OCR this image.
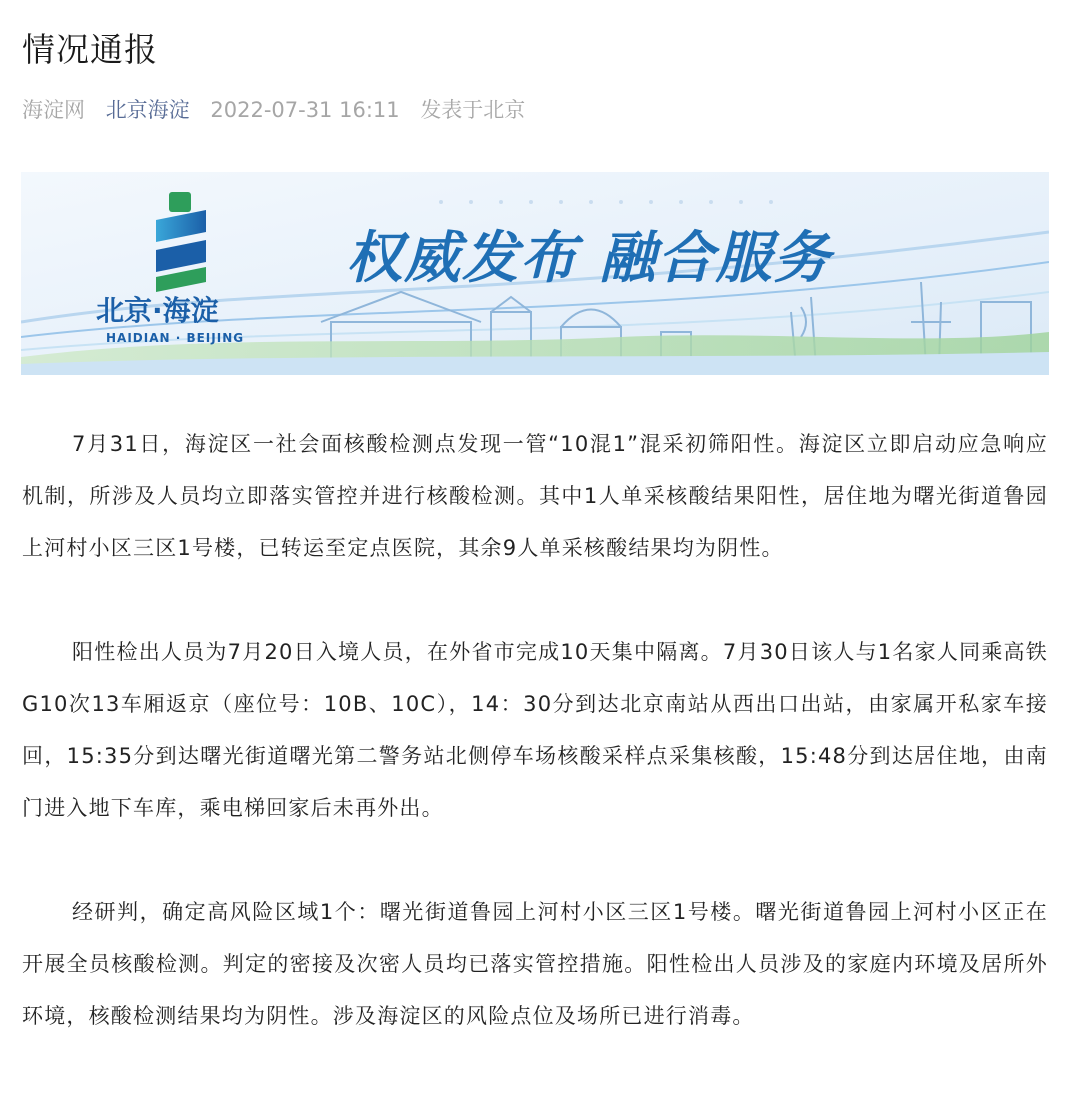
情况通报
海淀网 北京海淀 2022-07-31 16:11 发表于北京
北京·海淀
HAIDIAN · BEIJING
权威发布 融合服务

7月31日，海淀区一社会面核酸检测点发现一管“10混1”混采初筛阳性。海淀区立即启动应急响应机制，所涉及人员均立即落实管控并进行核酸检测。其中1人单采核酸结果阳性，居住地为曙光街道鲁园上河村小区三区1号楼，已转运至定点医院，其余9人单采核酸结果均为阴性。

阳性检出人员为7月20日入境人员，在外省市完成10天集中隔离。7月30日该人与1名家人同乘高铁G10次13车厢返京（座位号：10B、10C），14：30分到达北京南站从西出口出站，由家属开私家车接回，15:35分到达曙光街道曙光第二警务站北侧停车场核酸采样点采集核酸，15:48分到达居住地，由南门进入地下车库，乘电梯回家后未再外出。

经研判，确定高风险区域1个：曙光街道鲁园上河村小区三区1号楼。曙光街道鲁园上河村小区正在开展全员核酸检测。判定的密接及次密人员均已落实管控措施。阳性检出人员涉及的家庭内环境及居所外环境，核酸检测结果均为阴性。涉及海淀区的风险点位及场所已进行消毒。
